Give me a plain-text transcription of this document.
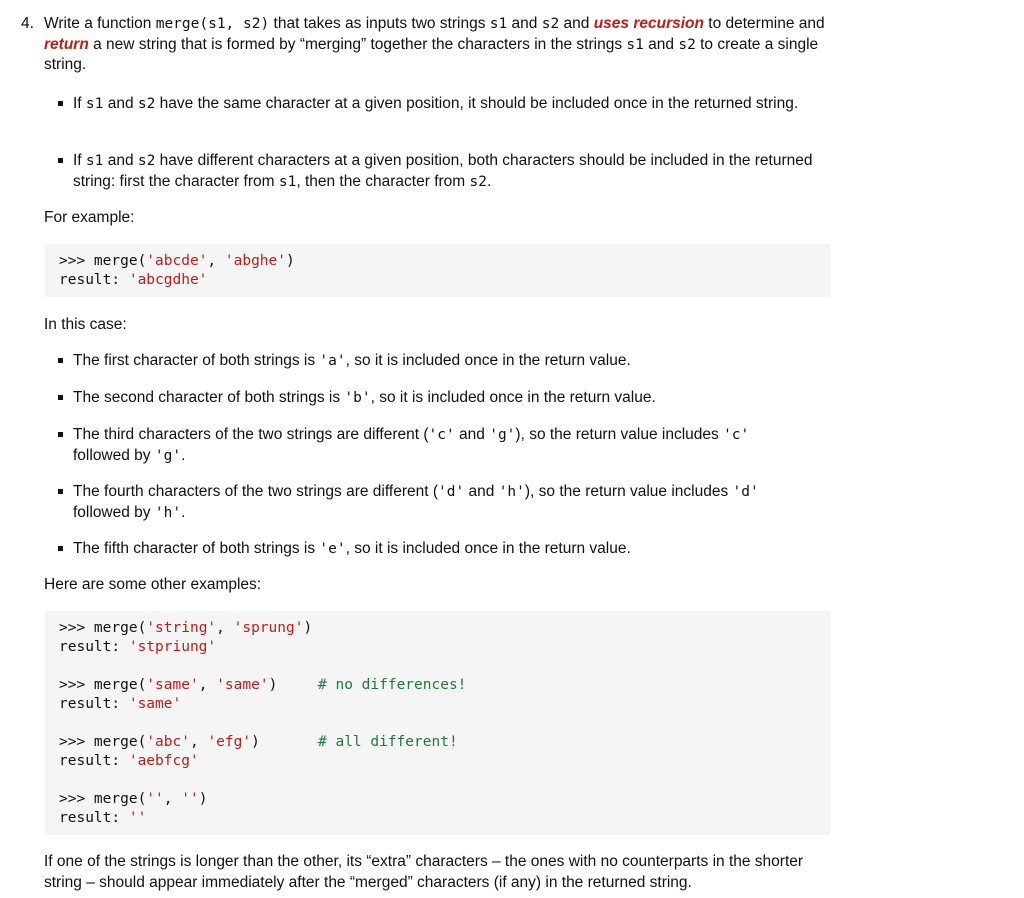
4. Write a function merge(s1, s2) that takes as inputs two strings s1 and s2 and uses recursion to determine and return a new string that is formed by “merging” together the characters in the strings s1 and s2 to create a single string.
If s1 and s2 have the same character at a given position, it should be included once in the returned string.
If s1 and s2 have different characters at a given position, both characters should be included in the returned string: first the character from s1, then the character from s2.
For example:
>>> merge('abcde', 'abghe')
result: 'abcgdhe'
In this case:
The first character of both strings is 'a', so it is included once in the return value.
The second character of both strings is 'b', so it is included once in the return value.
The third characters of the two strings are different ('c' and 'g'), so the return value includes 'c'
followed by 'g'.
The fourth characters of the two strings are different ('d' and 'h'), so the return value includes 'd'
followed by 'h'.
The fifth character of both strings is 'e', so it is included once in the return value.
Here are some other examples:
>>> merge('string', 'sprung')
result: 'stpriung'
>>> merge('same', 'same')	# no differences!
result: 'same'
>>> merge('abc', 'efg')	# all different!
result: 'aebfcg'
>>> merge('', '')
result: ''
If one of the strings is longer than the other, its “extra” characters – the ones with no counterparts in the shorter string – should appear immediately after the “merged” characters (if any) in the returned string.
